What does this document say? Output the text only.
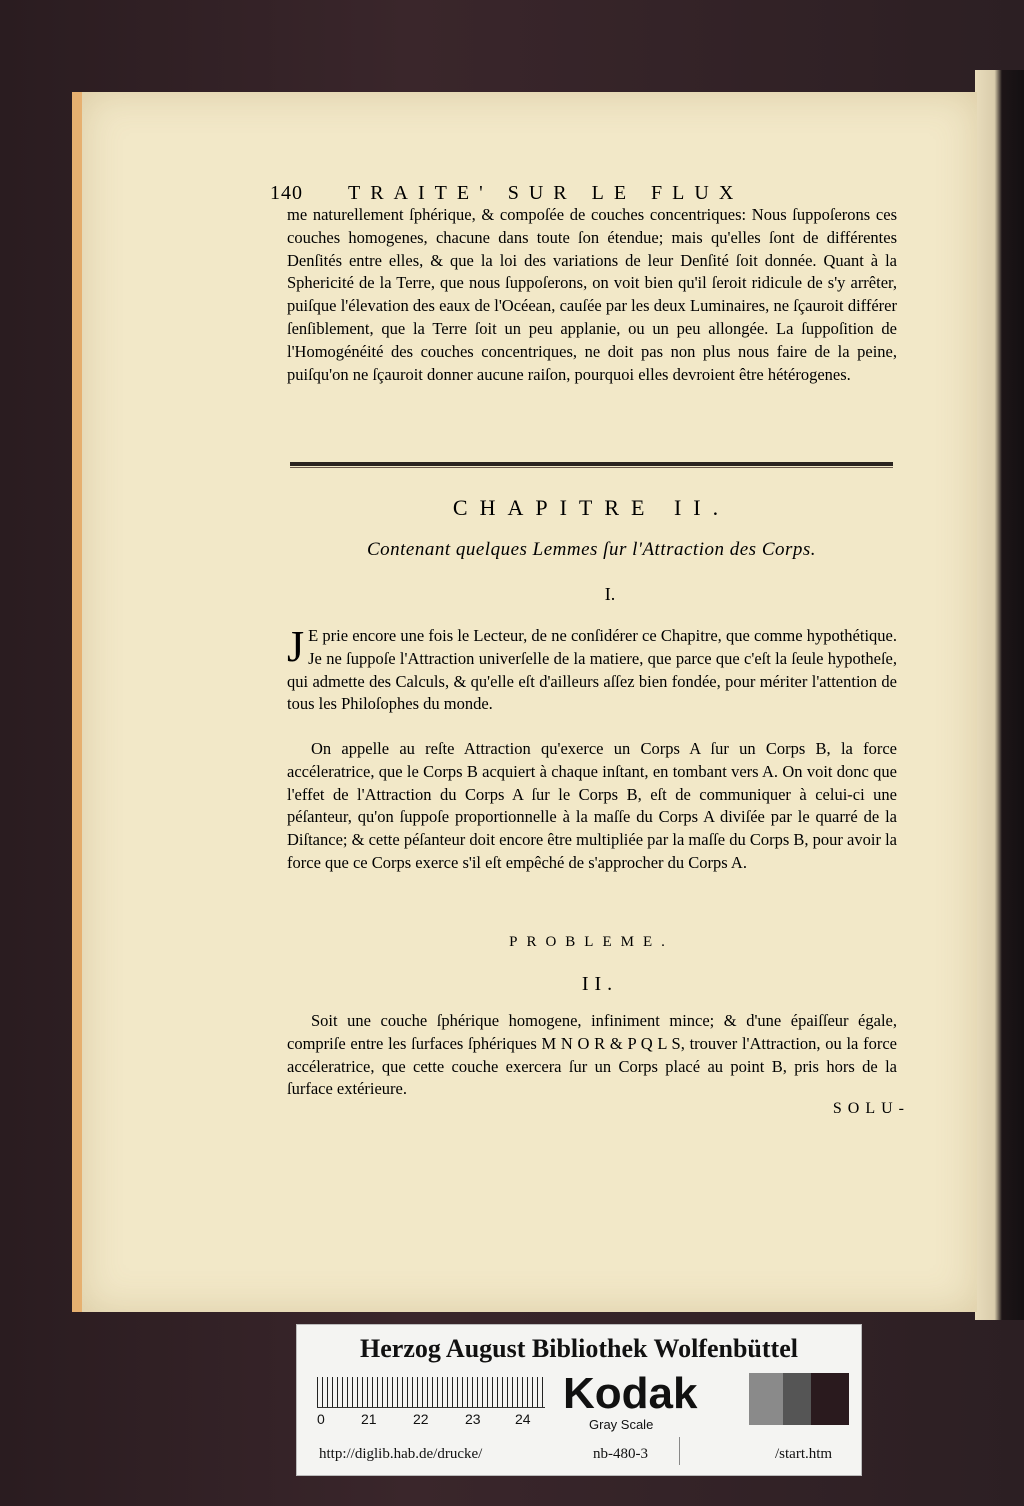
140 TRAITE' SUR LE FLUX
me naturellement ſphérique, & compoſée de couches concentriques: Nous ſuppoſerons ces couches homogenes, chacune dans toute ſon étendue; mais qu'elles ſont de différentes Denſités entre elles, & que la loi des variations de leur Denſité ſoit donnée. Quant à la Sphericité de la Terre, que nous ſuppoſerons, on voit bien qu'il ſeroit ridicule de s'y arrêter, puiſque l'élevation des eaux de l'Océean, cauſée par les deux Luminaires, ne ſçauroit différer ſenſiblement, que la Terre ſoit un peu applanie, ou un peu allongée. La ſuppoſition de l'Homogénéité des couches concentriques, ne doit pas non plus nous faire de la peine, puiſqu'on ne ſçauroit donner aucune raiſon, pourquoi elles devroient être hétérogenes.
CHAPITRE II.
Contenant quelques Lemmes ſur l'Attraction des Corps.
I.
J E prie encore une fois le Lecteur, de ne conſidérer ce Chapitre, que comme hypothétique. Je ne ſuppoſe l'Attraction univerſelle de la matiere, que parce que c'eſt la ſeule hypotheſe, qui admette des Calculs, & qu'elle eſt d'ailleurs aſſez bien fondée, pour mériter l'attention de tous les Philoſophes du monde.
On appelle au reſte Attraction qu'exerce un Corps A ſur un Corps B, la force accéleratrice, que le Corps B acquiert à chaque inſtant, en tombant vers A. On voit donc que l'effet de l'Attraction du Corps A ſur le Corps B, eſt de communiquer à celui-ci une péſanteur, qu'on ſuppoſe proportionnelle à la maſſe du Corps A diviſée par le quarré de la Diſtance; & cette péſanteur doit encore être multipliée par la maſſe du Corps B, pour avoir la force que ce Corps exerce s'il eſt empêché de s'approcher du Corps A.
PROBLEME.
II.
Soit une couche ſphérique homogene, infiniment mince; & d'une épaiſſeur égale, compriſe entre les ſurfaces ſphériques M N O R & P Q L S, trouver l'Attraction, ou la force accéleratrice, que cette couche exercera ſur un Corps placé au point B, pris hors de la ſurface extérieure.
SOLU-
Herzog August Bibliothek Wolfenbüttel
0	21	22	23 24
Kodak
Gray Scale
http://diglib.hab.de/drucke/	nb-480-3	/start.htm
